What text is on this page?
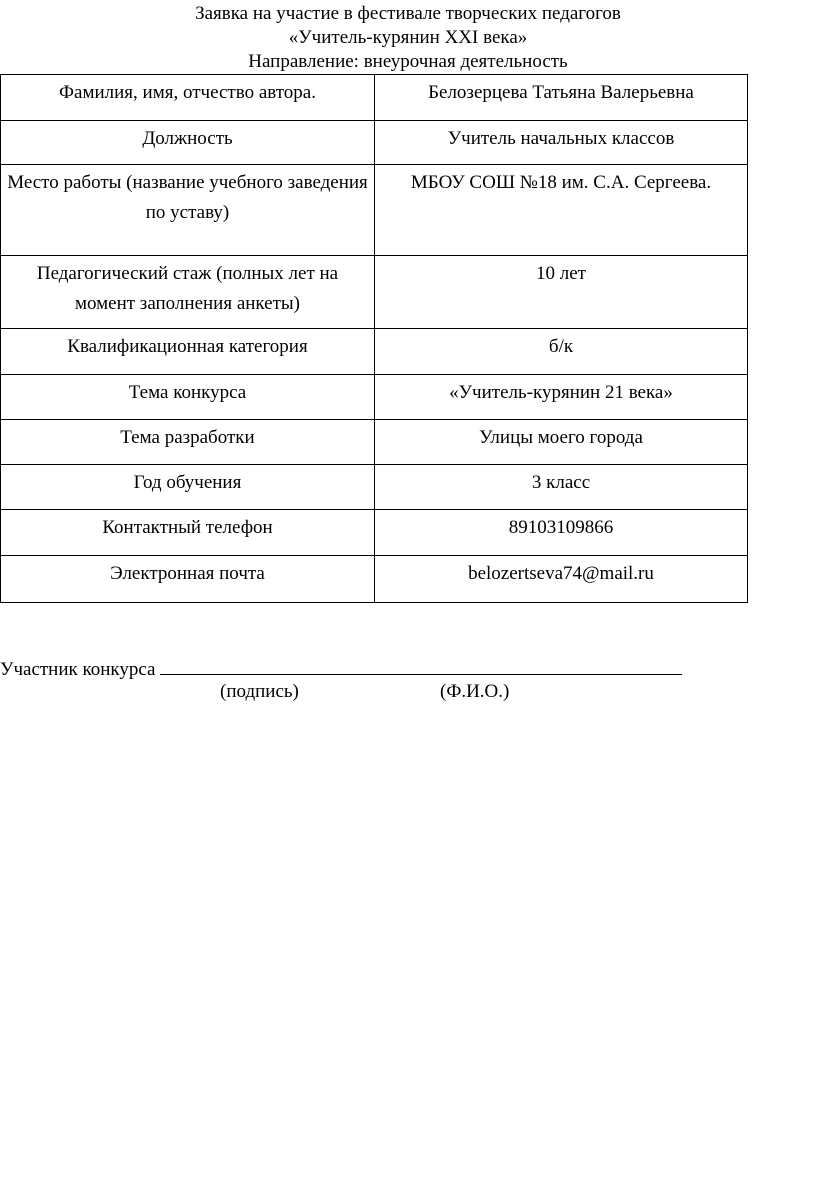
Заявка на участие в фестивале творческих педагогов
«Учитель-курянин XXI века»
Направление: внеурочная деятельность
Фамилия, имя, отчество автора.	Белозерцева Татьяна Валерьевна
Должность	Учитель начальных классов
Место работы (название учебного заведения по уставу)	МБОУ СОШ №18 им. С.А. Сергеева.
Педагогический стаж (полных лет на момент заполнения анкеты)	10 лет
Квалификационная категория	б/к
Тема конкурса	«Учитель-курянин 21 века»
Тема разработки	Улицы моего города
Год обучения	3 класс
Контактный телефон	89103109866
Электронная почта	belozertseva74@mail.ru
Участник конкурса
(подпись)	(Ф.И.О.)
